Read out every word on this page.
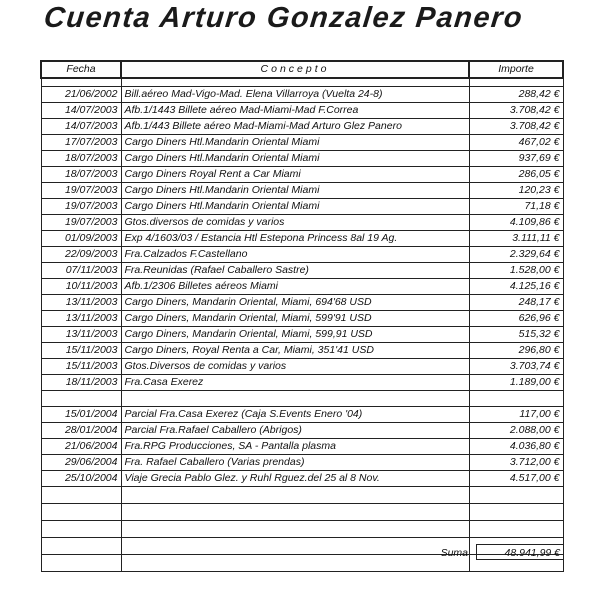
Cuenta Arturo Gonzalez Panero
Fecha	Concepto	Importe

21/06/2002	Bill.aéreo Mad-Vigo-Mad. Elena Villarroya (Vuelta 24-8)	288,42 €
14/07/2003	Afb.1/1443 Billete aéreo Mad-Miami-Mad F.Correa	3.708,42 €
14/07/2003	Afb.1/443 Billete aéreo Mad-Miami-Mad Arturo Glez Panero	3.708,42 €
17/07/2003	Cargo Diners Htl.Mandarin Oriental Miami	467,02 €
18/07/2003	Cargo Diners Htl.Mandarin Oriental Miami	937,69 €
18/07/2003	Cargo Diners Royal Rent a Car Miami	286,05 €
19/07/2003	Cargo Diners Htl.Mandarin Oriental Miami	120,23 €
19/07/2003	Cargo Diners Htl.Mandarin Oriental Miami	71,18 €
19/07/2003	Gtos.diversos de comidas y varios	4.109,86 €
01/09/2003	Exp 4/1603/03 / Estancia Htl Estepona Princess 8al 19 Ag.	3.111,11 €
22/09/2003	Fra.Calzados F.Castellano	2.329,64 €
07/11/2003	Fra.Reunidas (Rafael Caballero Sastre)	1.528,00 €
10/11/2003	Afb.1/2306 Billetes aéreos Miami	4.125,16 €
13/11/2003	Cargo Diners, Mandarin Oriental, Miami, 694'68 USD	248,17 €
13/11/2003	Cargo Diners, Mandarin Oriental, Miami, 599'91 USD	626,96 €
13/11/2003	Cargo Diners, Mandarin Oriental, Miami, 599,91 USD	515,32 €
15/11/2003	Cargo Diners, Royal Renta a Car, Miami, 351'41 USD	296,80 €
15/11/2003	Gtos.Diversos de comidas y varios	3.703,74 €
18/11/2003	Fra.Casa Exerez	1.189,00 €

15/01/2004	Parcial Fra.Casa Exerez (Caja S.Events Enero '04)	117,00 €
28/01/2004	Parcial Fra.Rafael Caballero (Abrigos)	2.088,00 €
21/06/2004	Fra.RPG Producciones, SA - Pantalla plasma	4.036,80 €
29/06/2004	Fra. Rafael Caballero (Varias prendas)	3.712,00 €
25/10/2004	Viaje Grecia Pablo Glez. y Ruhl Rguez.del 25 al 8 Nov.	4.517,00 €

Suma	48.941,99 €
